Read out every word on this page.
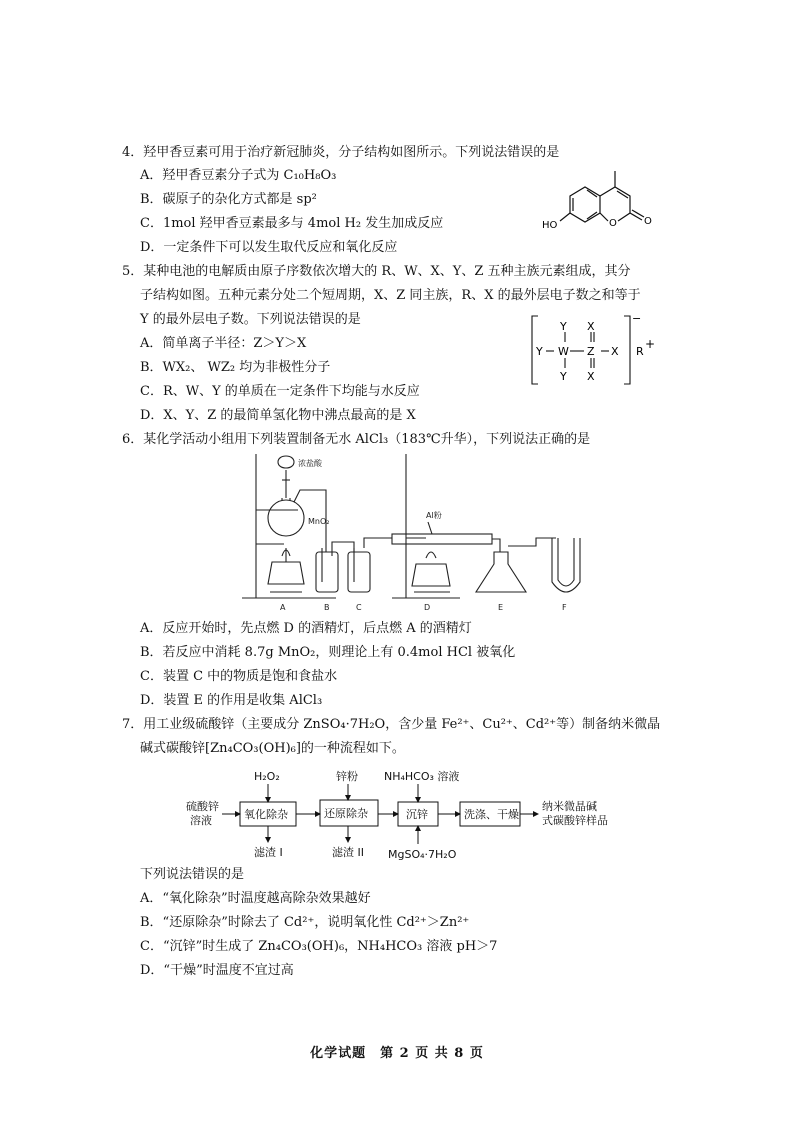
4．羟甲香豆素可用于治疗新冠肺炎，分子结构如图所示。下列说法错误的是
A．羟甲香豆素分子式为 C₁₀H₈O₃
B．碳原子的杂化方式都是 sp²
C．1mol 羟甲香豆素最多与 4mol H₂ 发生加成反应
D．一定条件下可以发生取代反应和氧化反应
HO	O	O
5．某种电池的电解质由原子序数依次增大的 R、W、X、Y、Z 五种主族元素组成，其分
子结构如图。五种元素分处二个短周期，X、Z 同主族，R、X 的最外层电子数之和等于
Y 的最外层电子数。下列说法错误的是
A．简单离子半径：Z＞Y＞X
B．WX₂、 WZ₂ 均为非极性分子
C．R、W、Y 的单质在一定条件下均能与水反应
D．X、Y、Z 的最简单氢化物中沸点最高的是 X
Y
Y
W
Y
X
Z
X
X
−
R
+
6．某化学活动小组用下列装置制备无水 AlCl₃（183℃升华），下列说法正确的是
浓盐酸
MnO₂
Al粉
A	B	C	D	E	F
A．反应开始时，先点燃 D 的酒精灯，后点燃 A 的酒精灯
B．若反应中消耗 8.7g MnO₂，则理论上有 0.4mol HCl 被氧化
C．装置 C 中的物质是饱和食盐水
D．装置 E 的作用是收集 AlCl₃
7．用工业级硫酸锌（主要成分 ZnSO₄·7H₂O，含少量 Fe²⁺、Cu²⁺、Cd²⁺等）制备纳米微晶
碱式碳酸锌[Zn₄CO₃(OH)₆]的一种流程如下。
硫酸锌
溶液
H₂O₂
氧化除杂
滤渣 I
锌粉
还原除杂
滤渣 II
NH₄HCO₃ 溶液
沉锌
MgSO₄·7H₂O
洗涤、干燥
纳米微晶碱
式碳酸锌样品
下列说法错误的是
A．“氧化除杂”时温度越高除杂效果越好
B．“还原除杂”时除去了 Cd²⁺，说明氧化性 Cd²⁺＞Zn²⁺
C．“沉锌”时生成了 Zn₄CO₃(OH)₆，NH₄HCO₃ 溶液 pH＞7
D．“干燥”时温度不宜过高
化学试题　第 2 页 共 8 页
